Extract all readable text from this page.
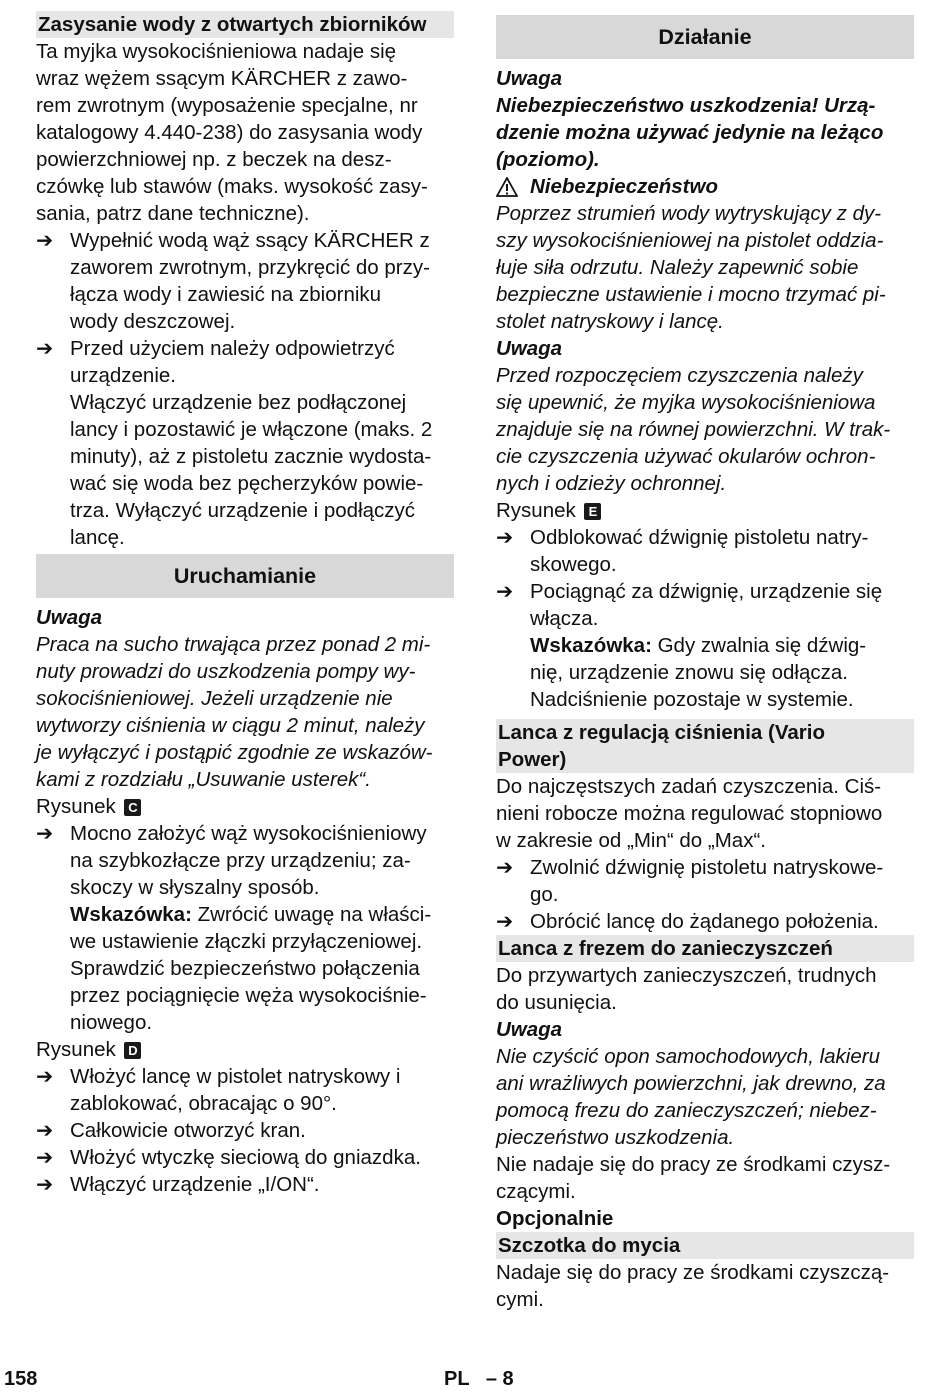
Zasysanie wody z otwartych zbiorników

Ta myjka wysokociśnieniowa nadaje się

wraz wężem ssącym KÄRCHER z zawo-

rem zwrotnym (wyposażenie specjalne, nr

katalogowy 4.440-238) do zasysania wody

powierzchniowej np. z beczek na desz-

czówkę lub stawów (maks. wysokość zasy-

sania, patrz dane techniczne).

➔ Wypełnić wodą wąż ssący KÄRCHER z

zaworem zwrotnym, przykręcić do przy-

łącza wody i zawiesić na zbiorniku

wody deszczowej.

➔ Przed użyciem należy odpowietrzyć

urządzenie.

Włączyć urządzenie bez podłączonej

lancy i pozostawić je włączone (maks. 2

minuty), aż z pistoletu zacznie wydosta-

wać się woda bez pęcherzyków powie-

trza. Wyłączyć urządzenie i podłączyć

lancę.

Uruchamianie

Uwaga

Praca na sucho trwająca przez ponad 2 mi-

nuty prowadzi do uszkodzenia pompy wy-

sokociśnieniowej. Jeżeli urządzenie nie

wytworzy ciśnienia w ciągu 2 minut, należy

je wyłączyć i postąpić zgodnie ze wskazów-

kami z rozdziału „Usuwanie usterek“.

Rysunek C

➔ Mocno założyć wąż wysokociśnieniowy

na szybkozłącze przy urządzeniu; za-

skoczy w słyszalny sposób.

Wskazówka: Zwrócić uwagę na właści-

we ustawienie złączki przyłączeniowej.

Sprawdzić bezpieczeństwo połączenia

przez pociągnięcie węża wysokociśnie-

niowego.

Rysunek D

➔ Włożyć lancę w pistolet natryskowy i

zablokować, obracając o 90°.

➔ Całkowicie otworzyć kran.

➔ Włożyć wtyczkę sieciową do gniazdka.

➔ Włączyć urządzenie „I/ON“.

Działanie

Uwaga

Niebezpieczeństwo uszkodzenia! Urzą-

dzenie można używać jedynie na leżąco

(poziomo).

Niebezpieczeństwo

Poprzez strumień wody wytryskujący z dy-

szy wysokociśnieniowej na pistolet oddzia-

łuje siła odrzutu. Należy zapewnić sobie

bezpieczne ustawienie i mocno trzymać pi-

stolet natryskowy i lancę.

Uwaga

Przed rozpoczęciem czyszczenia należy

się upewnić, że myjka wysokociśnieniowa

znajduje się na równej powierzchni. W trak-

cie czyszczenia używać okularów ochron-

nych i odzieży ochronnej.

Rysunek E

➔ Odblokować dźwignię pistoletu natry-

skowego.

➔ Pociągnąć za dźwignię, urządzenie się

włącza.

Wskazówka: Gdy zwalnia się dźwig-

nię, urządzenie znowu się odłącza.

Nadciśnienie pozostaje w systemie.

Lanca z regulacją ciśnienia (Vario

Power)

Do najczęstszych zadań czyszczenia. Ciś-

nieni robocze można regulować stopniowo

w zakresie od „Min“ do „Max“.

➔ Zwolnić dźwignię pistoletu natryskowe-

go.

➔ Obrócić lancę do żądanego położenia.

Lanca z frezem do zanieczyszczeń

Do przywartych zanieczyszczeń, trudnych

do usunięcia.

Uwaga

Nie czyścić opon samochodowych, lakieru

ani wrażliwych powierzchni, jak drewno, za

pomocą frezu do zanieczyszczeń; niebez-

pieczeństwo uszkodzenia.

Nie nadaje się do pracy ze środkami czysz-

czącymi.

Opcjonalnie

Szczotka do mycia

Nadaje się do pracy ze środkami czyszczą-

cymi.

158	PL   – 8
